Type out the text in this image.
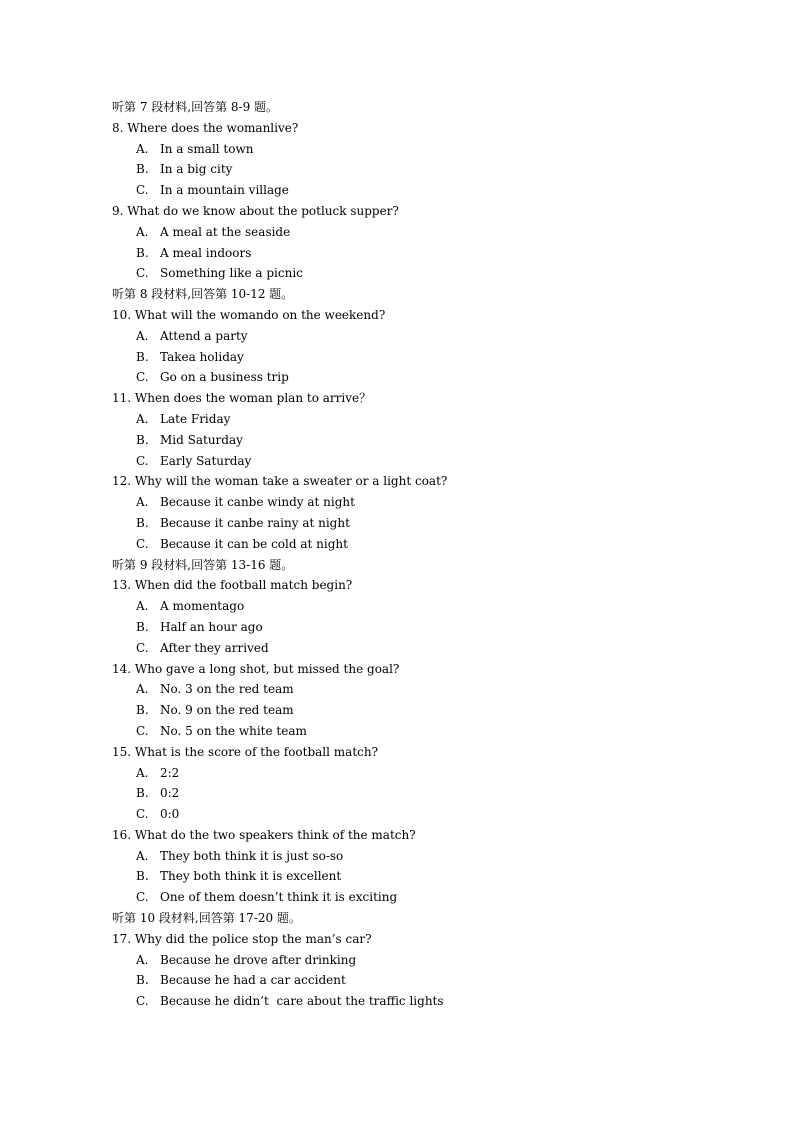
听第 7 段材料,回答第 8-9 题。
8. Where does the womanlive?
A. In a small town
B. In a big city
C. In a mountain village
9. What do we know about the potluck supper?
A. A meal at the seaside
B. A meal indoors
C. Something like a picnic
听第 8 段材料,回答第 10-12 题。
10. What will the womando on the weekend?
A. Attend a party
B. Takea holiday
C. Go on a business trip
11. When does the woman plan to arrive？
A. Late Friday
B. Mid Saturday
C. Early Saturday
12. Why will the woman take a sweater or a light coat?
A. Because it canbe windy at night
B. Because it canbe rainy at night
C. Because it can be cold at night
听第 9 段材料,回答第 13-16 题。
13. When did the football match begin?
A. A momentago
B. Half an hour ago
C. After they arrived
14. Who gave a long shot, but missed the goal?
A. No. 3 on the red team
B. No. 9 on the red team
C. No. 5 on the white team
15. What is the score of the football match?
A. 2:2
B. 0:2
C. 0:0
16. What do the two speakers think of the match?
A. They both think it is just so-so
B. They both think it is excellent
C. One of them doesn’t think it is exciting
听第 10 段材料,回答第 17-20 题。
17. Why did the police stop the man’s car?
A. Because he drove after drinking
B. Because he had a car accident
C. Because he didn’t  care about the traffic lights
